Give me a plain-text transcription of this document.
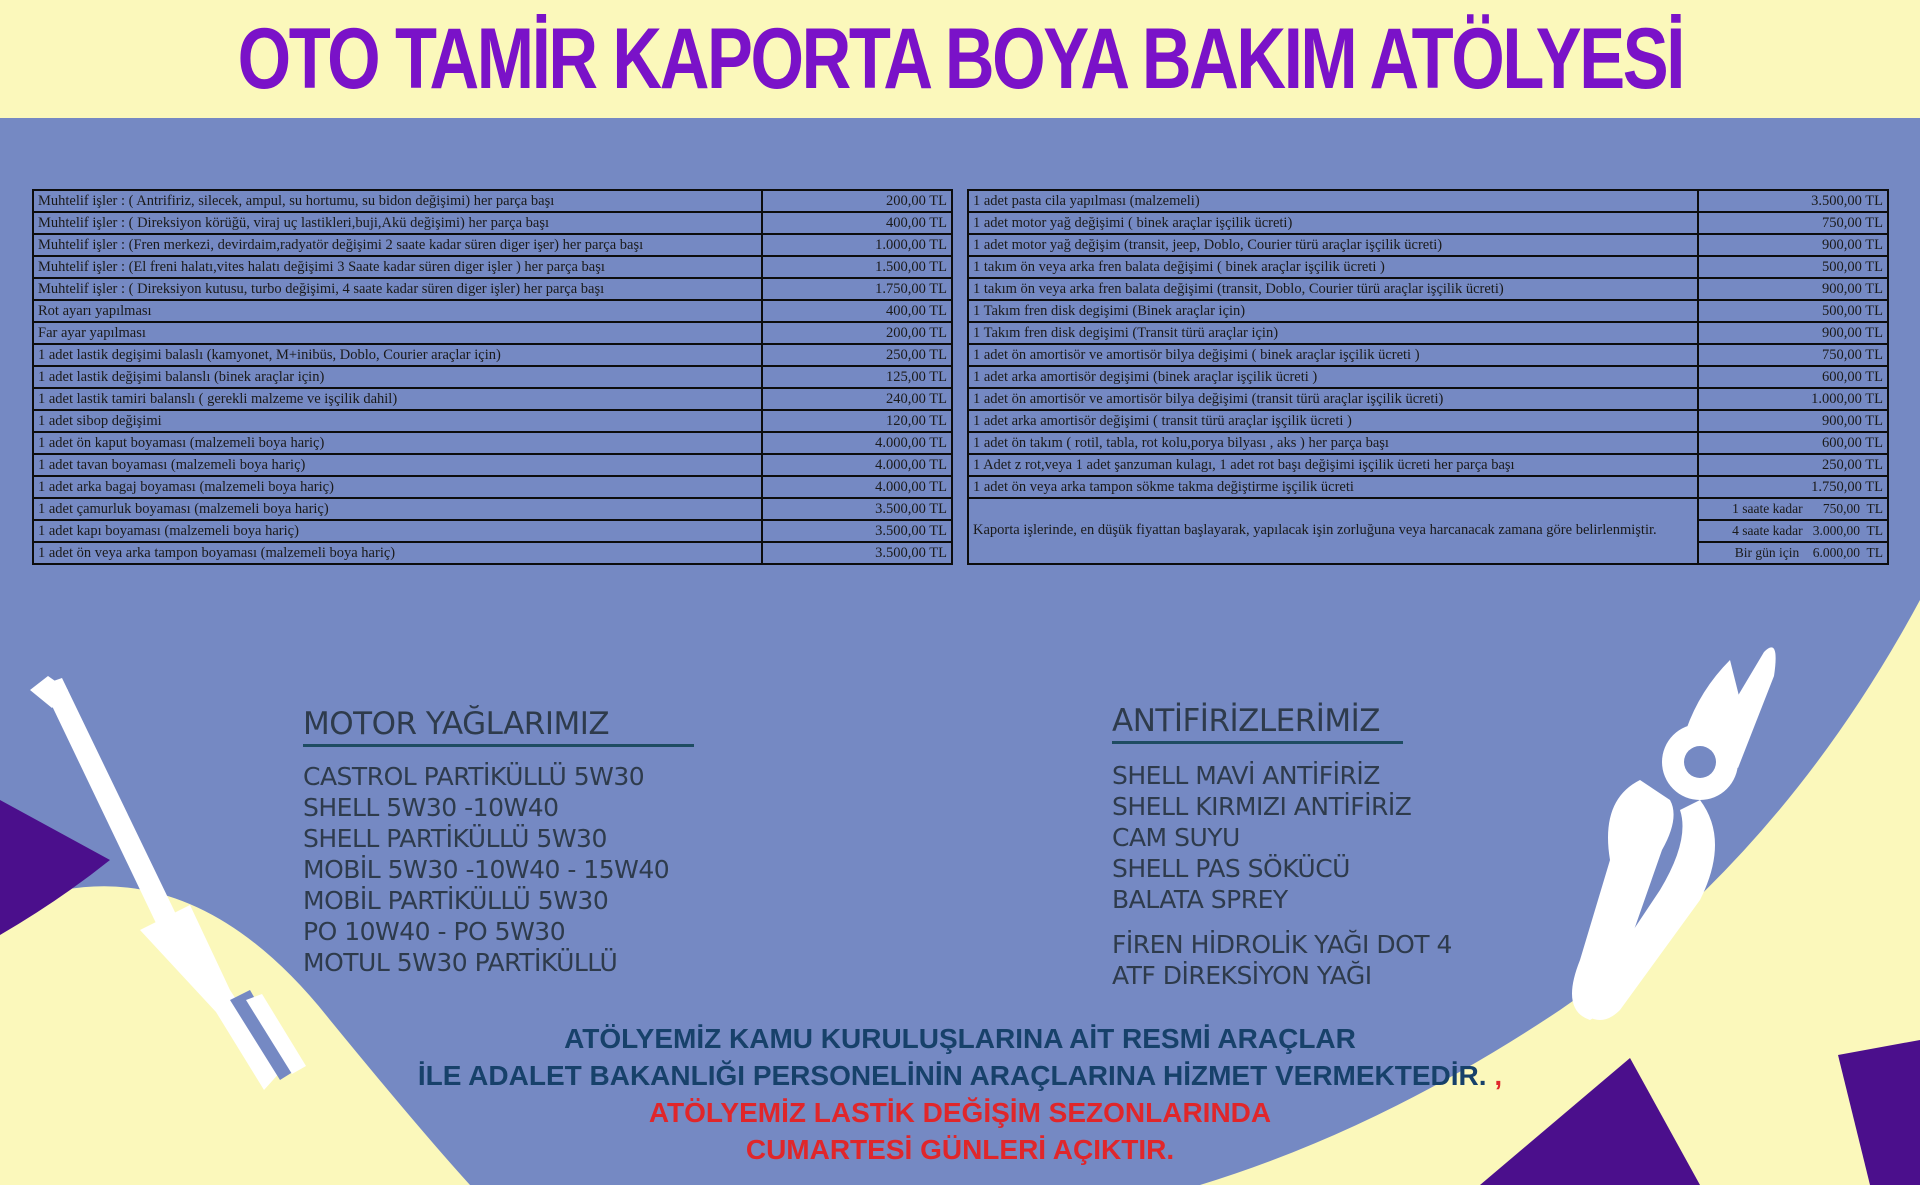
OTO TAMİR KAPORTA BOYA BAKIM ATÖLYESİ
Muhtelif işler : ( Antrifiriz, silecek, ampul, su hortumu, su bidon değişimi) her parça başı	200,00 TL
Muhtelif işler : ( Direksiyon körüğü, viraj uç lastikleri,buji,Akü değişimi) her parça başı	400,00 TL
Muhtelif işler : (Fren merkezi, devirdaim,radyatör değişimi 2 saate kadar süren diger işer) her parça başı	1.000,00 TL
Muhtelif işler : (El freni halatı,vites halatı değişimi 3 Saate kadar süren diger işler ) her parça başı	1.500,00 TL
Muhtelif işler : ( Direksiyon kutusu, turbo değişimi, 4 saate kadar süren diger işler) her parça başı	1.750,00 TL
Rot ayarı yapılması	400,00 TL
Far ayar yapılması	200,00 TL
1 adet lastik degişimi balaslı (kamyonet, M+inibüs, Doblo, Courier araçlar için)	250,00 TL
1 adet lastik değişimi balanslı (binek araçlar için)	125,00 TL
1 adet lastik tamiri balanslı ( gerekli malzeme ve işçilik dahil)	240,00 TL
1 adet sibop değişimi	120,00 TL
1 adet ön kaput boyaması (malzemeli boya hariç)	4.000,00 TL
1 adet tavan boyaması (malzemeli boya hariç)	4.000,00 TL
1 adet arka bagaj boyaması (malzemeli boya hariç)	4.000,00 TL
1 adet çamurluk boyaması (malzemeli boya hariç)	3.500,00 TL
1 adet kapı boyaması (malzemeli boya hariç)	3.500,00 TL
1 adet ön veya arka tampon boyaması (malzemeli boya hariç)	3.500,00 TL
1 adet pasta cila yapılması (malzemeli)	3.500,00 TL
1 adet motor yağ değişimi ( binek araçlar işçilik ücreti)	750,00 TL
1 adet motor yağ değişim (transit, jeep, Doblo, Courier türü araçlar işçilik ücreti)	900,00 TL
1 takım ön veya arka fren balata değişimi ( binek araçlar işçilik ücreti )	500,00 TL
1 takım ön veya arka fren balata değişimi (transit, Doblo, Courier türü araçlar işçilik ücreti)	900,00 TL
1 Takım fren disk degişimi (Binek araçlar için)	500,00 TL
1 Takım fren disk degişimi (Transit türü araçlar için)	900,00 TL
1 adet ön amortisör ve amortisör bilya değişimi ( binek araçlar işçilik ücreti )	750,00 TL
1 adet arka amortisör degişimi (binek araçlar işçilik ücreti )	600,00 TL
1 adet ön amortisör ve amortisör bilya değişimi (transit türü araçlar işçilik ücreti)	1.000,00 TL
1 adet arka amortisör değişimi ( transit türü araçlar işçilik ücreti )	900,00 TL
1 adet ön takım ( rotil, tabla, rot kolu,porya bilyası , aks ) her parça başı	600,00 TL
1 Adet z rot,veya 1 adet şanzuman kulagı, 1 adet rot başı değişimi işçilik ücreti her parça başı	250,00 TL
1 adet ön veya arka tampon sökme takma değiştirme işçilik ücreti	1.750,00 TL
Kaporta işlerinde, en düşük fiyattan başlayarak, yapılacak işin zorluğuna veya harcanacak zamana göre belirlenmiştir.	1 saate kadar      750,00  TL
	4 saate kadar   3.000,00  TL
	Bir gün için    6.000,00  TL
MOTOR YAĞLARIMIZ
CASTROL PARTİKÜLLÜ 5W30
SHELL 5W30 -10W40
SHELL PARTİKÜLLÜ 5W30
MOBİL 5W30 -10W40 - 15W40
MOBİL PARTİKÜLLÜ 5W30
PO 10W40 - PO 5W30
MOTUL 5W30 PARTİKÜLLÜ
ANTİFİRİZLERİMİZ
SHELL MAVİ ANTİFİRİZ
SHELL KIRMIZI ANTİFİRİZ
CAM SUYU
SHELL PAS SÖKÜCÜ
BALATA SPREY
FİREN HİDROLİK YAĞI DOT 4
ATF DİREKSİYON YAĞI
ATÖLYEMİZ KAMU KURULUŞLARINA AİT RESMİ ARAÇLAR
İLE ADALET BAKANLIĞI PERSONELİNİN ARAÇLARINA HİZMET VERMEKTEDİR. ,
ATÖLYEMİZ LASTİK DEĞİŞİM SEZONLARINDA
CUMARTESİ GÜNLERİ AÇIKTIR.
